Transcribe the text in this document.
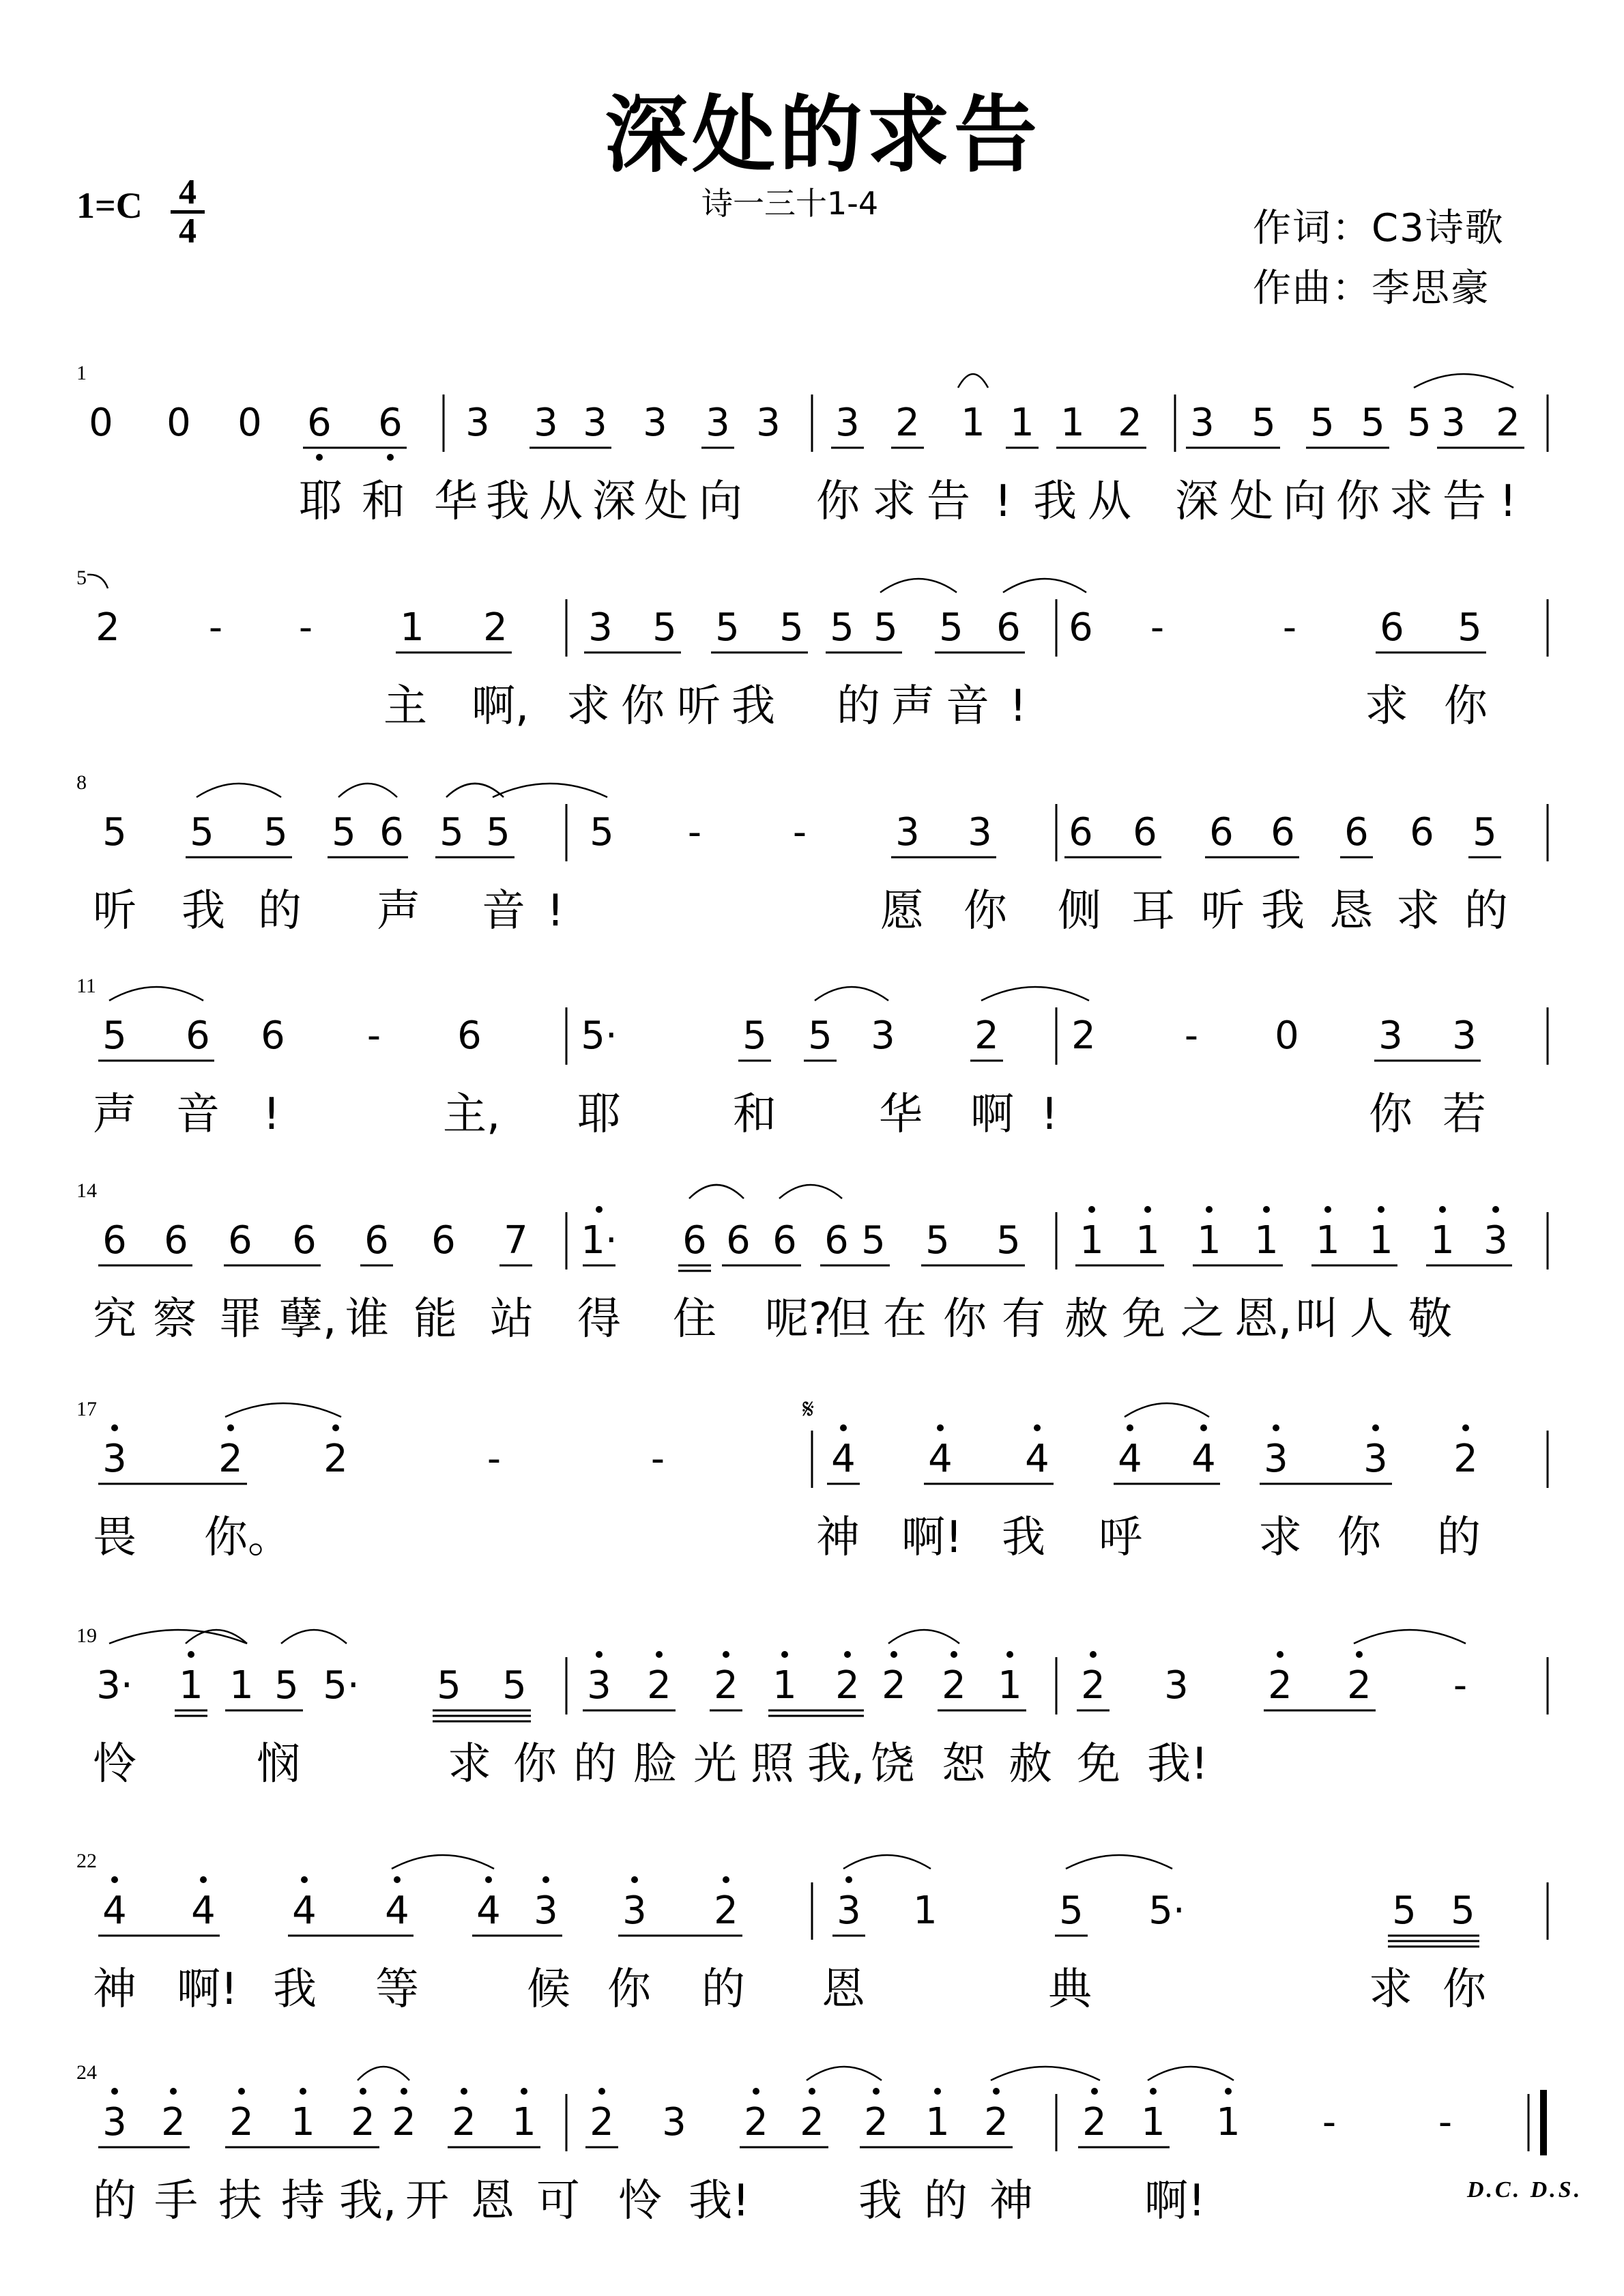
深处的求告
1=C 4
4
诗一三十1-4
作词：C3诗歌
作曲：李思豪
D.C. D.S.
𝄋
1
0 0 0 6 6 3 3 3 3 3 3 3 2 1 1 1 2 3 5 5 5 5 3 2
耶 和 华 我 从 深 处 向 你 求 告 ! 我 从 深 处 向 你 求 告 !
5
2	-	-	1 2 3 5 5 5 5 5 5 6 6	-	-	6 5
主 啊, 求 你 听 我 的 声 音 !	求 你
8
5 5 5 5 6 5 5 5	-	-	3 3 6 6 6 6 6 6 5
听 我 的 声 音 !	愿 你 侧 耳 听 我 恳 求 的
11
5 6 6	-	6	5·	5 5 3 2 2	-	0 3 3
声 音 !	主, 耶	和 华 啊 !	你 若
14
6 6 6 6 6 6 7 1· 6 6 6 6 5 5 5 1 1 1 1 1 1 1 3
究 察 罪 孽, 谁 能 站 得 住 呢?
但 在 你 有 赦 免 之 恩, 叫 人 敬
17
3 2 2	-	-	4 4 4 4 4 3 3 2
畏 你。	神 啊! 我 呼	求 你 的
19
3· 1 1 5 5· 5 5 3 2 2 1 2 2 2 1 2 3 2 2	-
怜	悯	求 你 的 脸 光 照 我, 饶 恕 赦 免 我!
22
4 4 4 4 4 3 3 2	3 1	5 5·	5 5
神 啊! 我 等 候 你 的 恩	典	求 你
24
3 2 2 1 2 2 2 1 2 3 2 2 2 1 2 2 1 1	-	-
的 手 扶 持 我, 开 恩 可 怜 我! 我 的 神	啊!
